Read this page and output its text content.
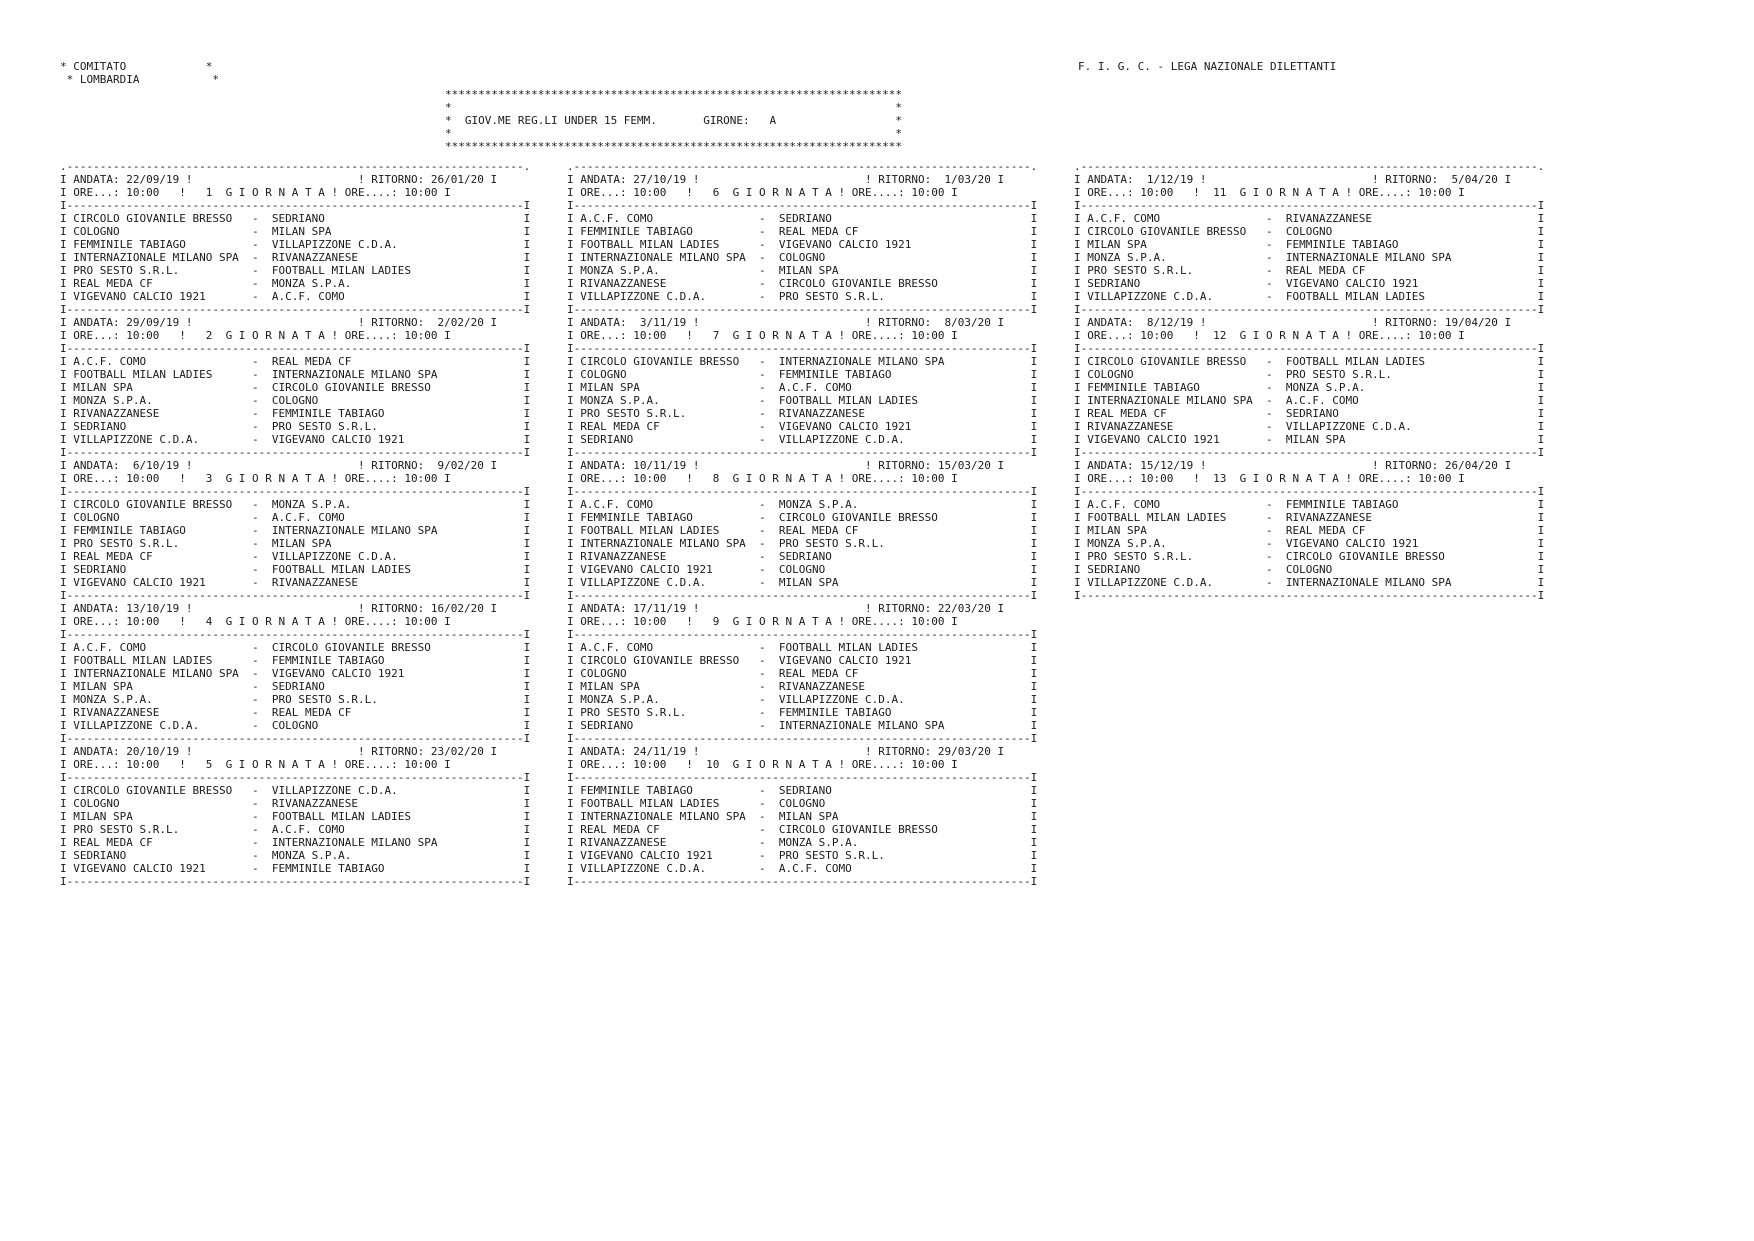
* COMITATO            *
* LOMBARDIA           *
F. I. G. C. - LEGA NAZIONALE DILETTANTI
*********************************************************************
*                                                                   *
*  GIOV.ME REG.LI UNDER 15 FEMM.       GIRONE:   A                  *
*                                                                   *
*********************************************************************
.---------------------------------------------------------------------.
I ANDATA: 22/09/19 !                         ! RITORNO: 26/01/20 I
I ORE...: 10:00   !   1  G I O R N A T A ! ORE....: 10:00 I
I---------------------------------------------------------------------I
I CIRCOLO GIOVANILE BRESSO   -  SEDRIANO                              I
I COLOGNO                    -  MILAN SPA                             I
I FEMMINILE TABIAGO          -  VILLAPIZZONE C.D.A.                   I
I INTERNAZIONALE MILANO SPA  -  RIVANAZZANESE                         I
I PRO SESTO S.R.L.           -  FOOTBALL MILAN LADIES                 I
I REAL MEDA CF               -  MONZA S.P.A.                          I
I VIGEVANO CALCIO 1921       -  A.C.F. COMO                           I
I---------------------------------------------------------------------I
I ANDATA: 29/09/19 !                         ! RITORNO:  2/02/20 I
I ORE...: 10:00   !   2  G I O R N A T A ! ORE....: 10:00 I
I---------------------------------------------------------------------I
I A.C.F. COMO                -  REAL MEDA CF                          I
I FOOTBALL MILAN LADIES      -  INTERNAZIONALE MILANO SPA             I
I MILAN SPA                  -  CIRCOLO GIOVANILE BRESSO              I
I MONZA S.P.A.               -  COLOGNO                               I
I RIVANAZZANESE              -  FEMMINILE TABIAGO                     I
I SEDRIANO                   -  PRO SESTO S.R.L.                      I
I VILLAPIZZONE C.D.A.        -  VIGEVANO CALCIO 1921                  I
I---------------------------------------------------------------------I
I ANDATA:  6/10/19 !                         ! RITORNO:  9/02/20 I
I ORE...: 10:00   !   3  G I O R N A T A ! ORE....: 10:00 I
I---------------------------------------------------------------------I
I CIRCOLO GIOVANILE BRESSO   -  MONZA S.P.A.                          I
I COLOGNO                    -  A.C.F. COMO                           I
I FEMMINILE TABIAGO          -  INTERNAZIONALE MILANO SPA             I
I PRO SESTO S.R.L.           -  MILAN SPA                             I
I REAL MEDA CF               -  VILLAPIZZONE C.D.A.                   I
I SEDRIANO                   -  FOOTBALL MILAN LADIES                 I
I VIGEVANO CALCIO 1921       -  RIVANAZZANESE                         I
I---------------------------------------------------------------------I
I ANDATA: 13/10/19 !                         ! RITORNO: 16/02/20 I
I ORE...: 10:00   !   4  G I O R N A T A ! ORE....: 10:00 I
I---------------------------------------------------------------------I
I A.C.F. COMO                -  CIRCOLO GIOVANILE BRESSO              I
I FOOTBALL MILAN LADIES      -  FEMMINILE TABIAGO                     I
I INTERNAZIONALE MILANO SPA  -  VIGEVANO CALCIO 1921                  I
I MILAN SPA                  -  SEDRIANO                              I
I MONZA S.P.A.               -  PRO SESTO S.R.L.                      I
I RIVANAZZANESE              -  REAL MEDA CF                          I
I VILLAPIZZONE C.D.A.        -  COLOGNO                               I
I---------------------------------------------------------------------I
I ANDATA: 20/10/19 !                         ! RITORNO: 23/02/20 I
I ORE...: 10:00   !   5  G I O R N A T A ! ORE....: 10:00 I
I---------------------------------------------------------------------I
I CIRCOLO GIOVANILE BRESSO   -  VILLAPIZZONE C.D.A.                   I
I COLOGNO                    -  RIVANAZZANESE                         I
I MILAN SPA                  -  FOOTBALL MILAN LADIES                 I
I PRO SESTO S.R.L.           -  A.C.F. COMO                           I
I REAL MEDA CF               -  INTERNAZIONALE MILANO SPA             I
I SEDRIANO                   -  MONZA S.P.A.                          I
I VIGEVANO CALCIO 1921       -  FEMMINILE TABIAGO                     I
I---------------------------------------------------------------------I
.---------------------------------------------------------------------.
I ANDATA: 27/10/19 !                         ! RITORNO:  1/03/20 I
I ORE...: 10:00   !   6  G I O R N A T A ! ORE....: 10:00 I
I---------------------------------------------------------------------I
I A.C.F. COMO                -  SEDRIANO                              I
I FEMMINILE TABIAGO          -  REAL MEDA CF                          I
I FOOTBALL MILAN LADIES      -  VIGEVANO CALCIO 1921                  I
I INTERNAZIONALE MILANO SPA  -  COLOGNO                               I
I MONZA S.P.A.               -  MILAN SPA                             I
I RIVANAZZANESE              -  CIRCOLO GIOVANILE BRESSO              I
I VILLAPIZZONE C.D.A.        -  PRO SESTO S.R.L.                      I
I---------------------------------------------------------------------I
I ANDATA:  3/11/19 !                         ! RITORNO:  8/03/20 I
I ORE...: 10:00   !   7  G I O R N A T A ! ORE....: 10:00 I
I---------------------------------------------------------------------I
I CIRCOLO GIOVANILE BRESSO   -  INTERNAZIONALE MILANO SPA             I
I COLOGNO                    -  FEMMINILE TABIAGO                     I
I MILAN SPA                  -  A.C.F. COMO                           I
I MONZA S.P.A.               -  FOOTBALL MILAN LADIES                 I
I PRO SESTO S.R.L.           -  RIVANAZZANESE                         I
I REAL MEDA CF               -  VIGEVANO CALCIO 1921                  I
I SEDRIANO                   -  VILLAPIZZONE C.D.A.                   I
I---------------------------------------------------------------------I
I ANDATA: 10/11/19 !                         ! RITORNO: 15/03/20 I
I ORE...: 10:00   !   8  G I O R N A T A ! ORE....: 10:00 I
I---------------------------------------------------------------------I
I A.C.F. COMO                -  MONZA S.P.A.                          I
I FEMMINILE TABIAGO          -  CIRCOLO GIOVANILE BRESSO              I
I FOOTBALL MILAN LADIES      -  REAL MEDA CF                          I
I INTERNAZIONALE MILANO SPA  -  PRO SESTO S.R.L.                      I
I RIVANAZZANESE              -  SEDRIANO                              I
I VIGEVANO CALCIO 1921       -  COLOGNO                               I
I VILLAPIZZONE C.D.A.        -  MILAN SPA                             I
I---------------------------------------------------------------------I
I ANDATA: 17/11/19 !                         ! RITORNO: 22/03/20 I
I ORE...: 10:00   !   9  G I O R N A T A ! ORE....: 10:00 I
I---------------------------------------------------------------------I
I A.C.F. COMO                -  FOOTBALL MILAN LADIES                 I
I CIRCOLO GIOVANILE BRESSO   -  VIGEVANO CALCIO 1921                  I
I COLOGNO                    -  REAL MEDA CF                          I
I MILAN SPA                  -  RIVANAZZANESE                         I
I MONZA S.P.A.               -  VILLAPIZZONE C.D.A.                   I
I PRO SESTO S.R.L.           -  FEMMINILE TABIAGO                     I
I SEDRIANO                   -  INTERNAZIONALE MILANO SPA             I
I---------------------------------------------------------------------I
I ANDATA: 24/11/19 !                         ! RITORNO: 29/03/20 I
I ORE...: 10:00   !  10  G I O R N A T A ! ORE....: 10:00 I
I---------------------------------------------------------------------I
I FEMMINILE TABIAGO          -  SEDRIANO                              I
I FOOTBALL MILAN LADIES      -  COLOGNO                               I
I INTERNAZIONALE MILANO SPA  -  MILAN SPA                             I
I REAL MEDA CF               -  CIRCOLO GIOVANILE BRESSO              I
I RIVANAZZANESE              -  MONZA S.P.A.                          I
I VIGEVANO CALCIO 1921       -  PRO SESTO S.R.L.                      I
I VILLAPIZZONE C.D.A.        -  A.C.F. COMO                           I
I---------------------------------------------------------------------I
.---------------------------------------------------------------------.
I ANDATA:  1/12/19 !                         ! RITORNO:  5/04/20 I
I ORE...: 10:00   !  11  G I O R N A T A ! ORE....: 10:00 I
I---------------------------------------------------------------------I
I A.C.F. COMO                -  RIVANAZZANESE                         I
I CIRCOLO GIOVANILE BRESSO   -  COLOGNO                               I
I MILAN SPA                  -  FEMMINILE TABIAGO                     I
I MONZA S.P.A.               -  INTERNAZIONALE MILANO SPA             I
I PRO SESTO S.R.L.           -  REAL MEDA CF                          I
I SEDRIANO                   -  VIGEVANO CALCIO 1921                  I
I VILLAPIZZONE C.D.A.        -  FOOTBALL MILAN LADIES                 I
I---------------------------------------------------------------------I
I ANDATA:  8/12/19 !                         ! RITORNO: 19/04/20 I
I ORE...: 10:00   !  12  G I O R N A T A ! ORE....: 10:00 I
I---------------------------------------------------------------------I
I CIRCOLO GIOVANILE BRESSO   -  FOOTBALL MILAN LADIES                 I
I COLOGNO                    -  PRO SESTO S.R.L.                      I
I FEMMINILE TABIAGO          -  MONZA S.P.A.                          I
I INTERNAZIONALE MILANO SPA  -  A.C.F. COMO                           I
I REAL MEDA CF               -  SEDRIANO                              I
I RIVANAZZANESE              -  VILLAPIZZONE C.D.A.                   I
I VIGEVANO CALCIO 1921       -  MILAN SPA                             I
I---------------------------------------------------------------------I
I ANDATA: 15/12/19 !                         ! RITORNO: 26/04/20 I
I ORE...: 10:00   !  13  G I O R N A T A ! ORE....: 10:00 I
I---------------------------------------------------------------------I
I A.C.F. COMO                -  FEMMINILE TABIAGO                     I
I FOOTBALL MILAN LADIES      -  RIVANAZZANESE                         I
I MILAN SPA                  -  REAL MEDA CF                          I
I MONZA S.P.A.               -  VIGEVANO CALCIO 1921                  I
I PRO SESTO S.R.L.           -  CIRCOLO GIOVANILE BRESSO              I
I SEDRIANO                   -  COLOGNO                               I
I VILLAPIZZONE C.D.A.        -  INTERNAZIONALE MILANO SPA             I
I---------------------------------------------------------------------I
